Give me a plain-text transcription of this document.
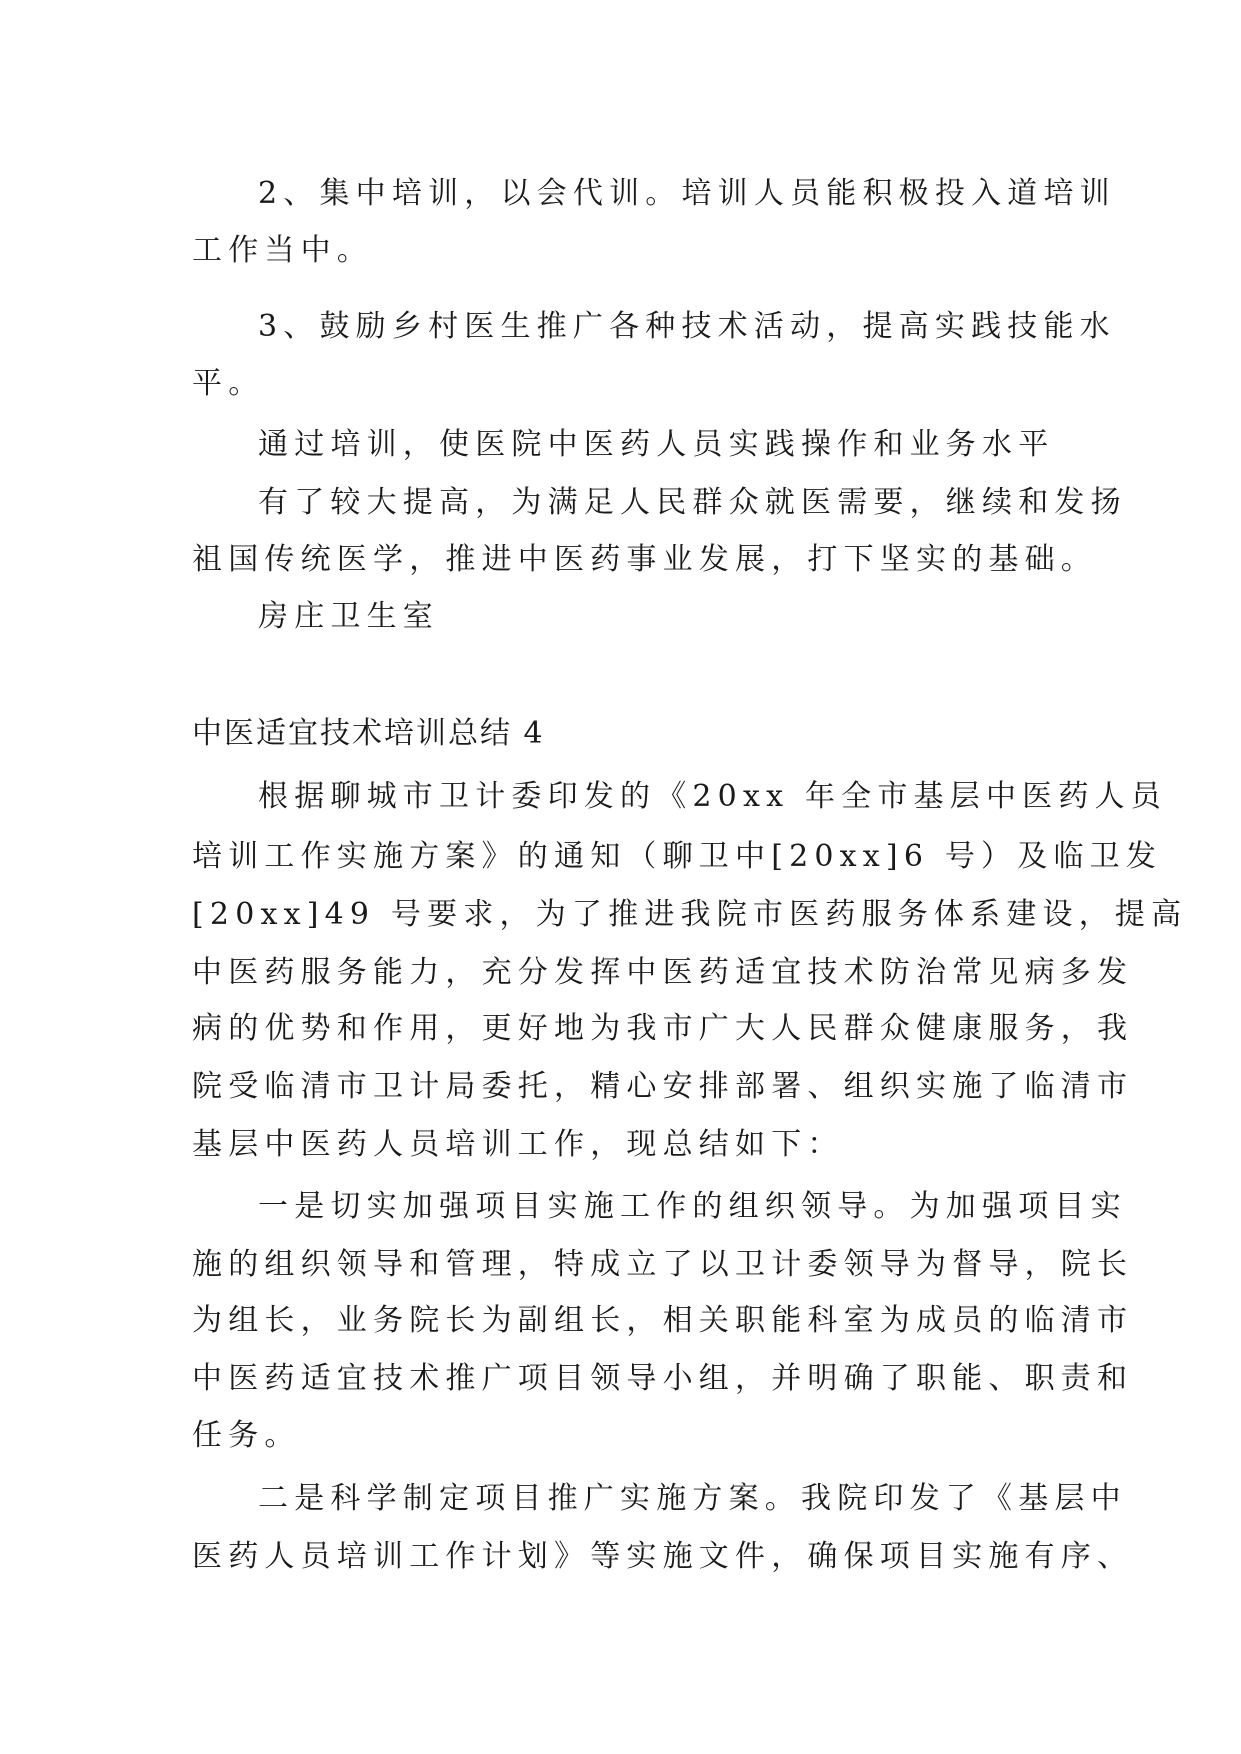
2、集中培训，以会代训。培训人员能积极投入道培训
工作当中。
3、鼓励乡村医生推广各种技术活动，提高实践技能水
平。
通过培训，使医院中医药人员实践操作和业务水平
有了较大提高，为满足人民群众就医需要，继续和发扬
祖国传统医学，推进中医药事业发展，打下坚实的基础。
房庄卫生室
中医适宜技术培训总结 4
根据聊城市卫计委印发的《20xx 年全市基层中医药人员
培训工作实施方案》的通知（聊卫中[20xx]6 号）及临卫发
[20xx]49 号要求，为了推进我院市医药服务体系建设，提高
中医药服务能力，充分发挥中医药适宜技术防治常见病多发
病的优势和作用，更好地为我市广大人民群众健康服务，我
院受临清市卫计局委托，精心安排部署、组织实施了临清市
基层中医药人员培训工作，现总结如下：
一是切实加强项目实施工作的组织领导。为加强项目实
施的组织领导和管理，特成立了以卫计委领导为督导，院长
为组长，业务院长为副组长，相关职能科室为成员的临清市
中医药适宜技术推广项目领导小组，并明确了职能、职责和
任务。
二是科学制定项目推广实施方案。我院印发了《基层中
医药人员培训工作计划》等实施文件，确保项目实施有序、
